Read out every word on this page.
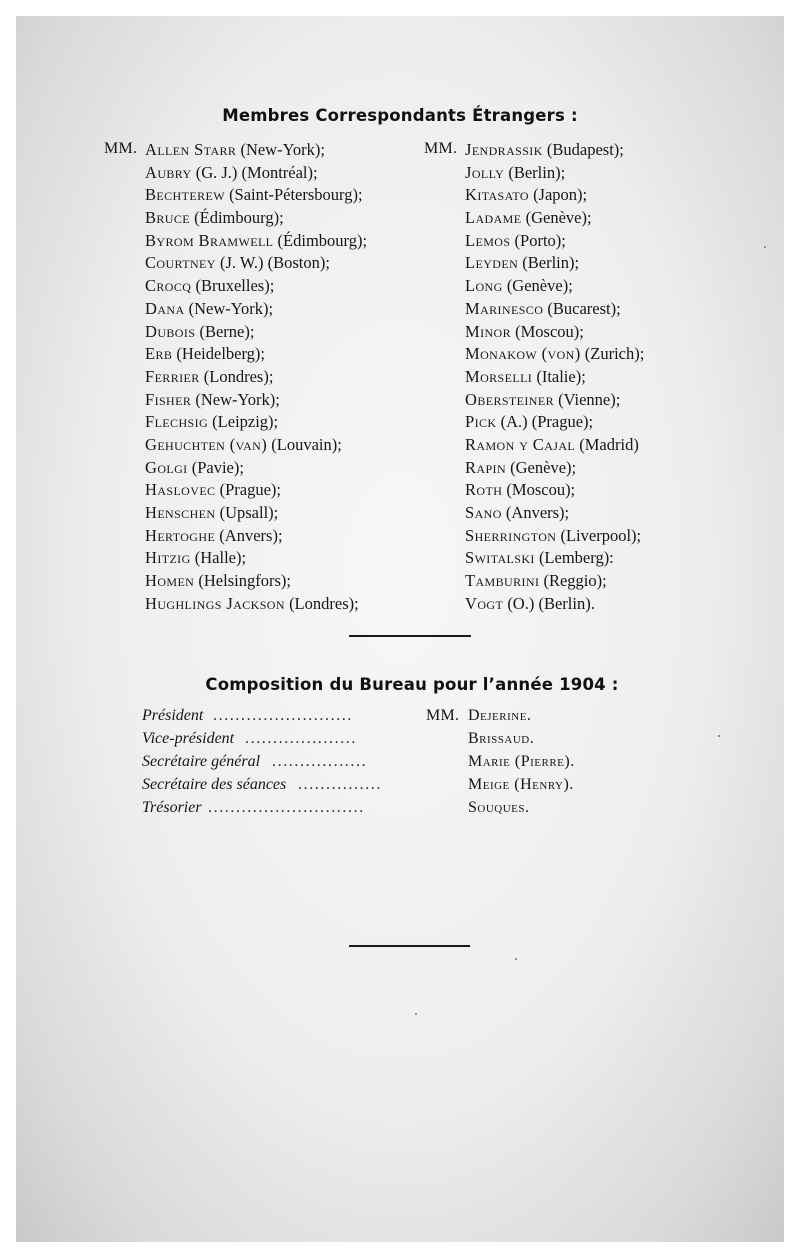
Membres Correspondants Étrangers :
MM. Allen Starr (New-York);
Aubry (G. J.) (Montréal);
Bechterew (Saint-Pétersbourg);
Bruce (Édimbourg);
Byrom Bramwell (Édimbourg);
Courtney (J. W.) (Boston);
Crocq (Bruxelles);
Dana (New-York);
Dubois (Berne);
Erb (Heidelberg);
Ferrier (Londres);
Fisher (New-York);
Flechsig (Leipzig);
Gehuchten (van) (Louvain);
Golgi (Pavie);
Haslovec (Prague);
Henschen (Upsall);
Hertoghe (Anvers);
Hitzig (Halle);
Homen (Helsingfors);
Hughlings Jackson (Londres);
MM. Jendrassik (Budapest);
Jolly (Berlin);
Kitasato (Japon);
Ladame (Genève);
Lemos (Porto);
Leyden (Berlin);
Long (Genève);
Marinesco (Bucarest);
Minor (Moscou);
Monakow (von) (Zurich);
Morselli (Italie);
Obersteiner (Vienne);
Pick (A.) (Prague);
Ramon y Cajal (Madrid)
Rapin (Genève);
Roth (Moscou);
Sano (Anvers);
Sherrington (Liverpool);
Switalski (Lemberg):
Tamburini (Reggio);
Vogt (O.) (Berlin).
Composition du Bureau pour l’année 1904 :
Président .........................	MM. Dejerine.
Vice-président ....................	Brissaud.
Secrétaire général .................	Marie (Pierre).
Secrétaire des séances ...............	Meige (Henry).
Trésorier ............................	Souques.
